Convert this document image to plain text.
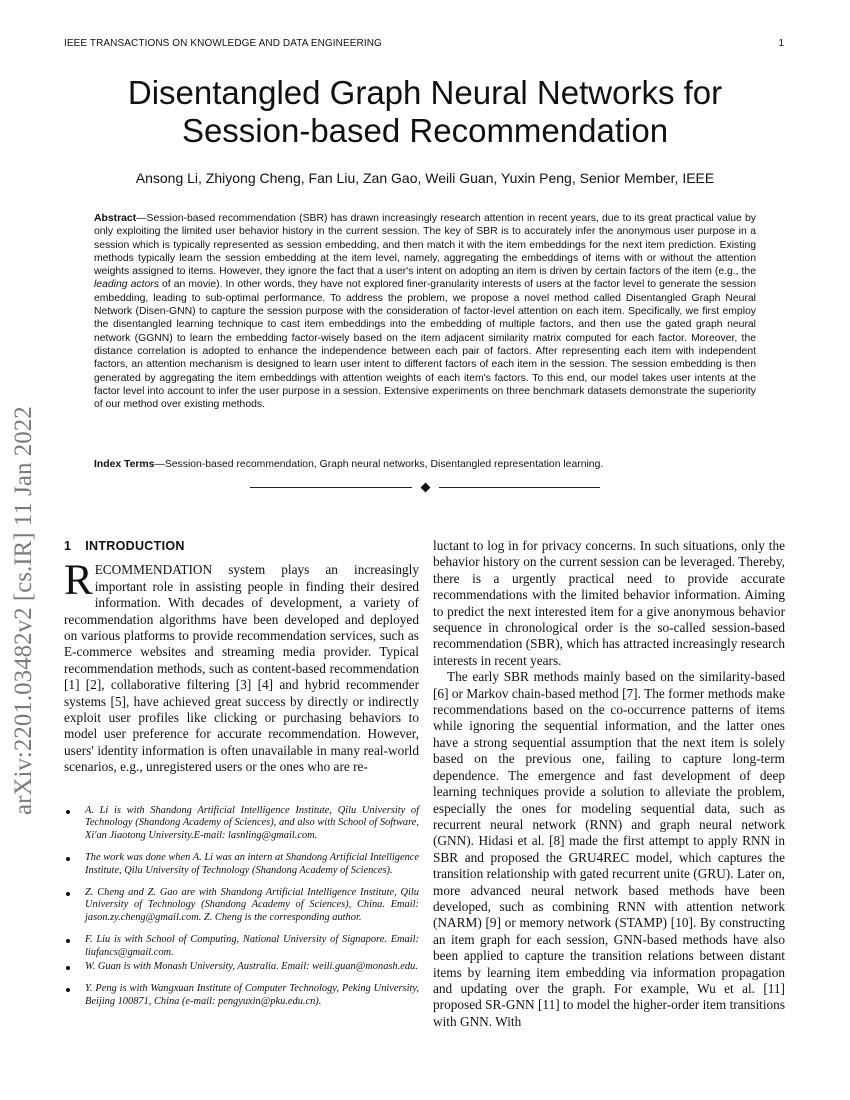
IEEE TRANSACTIONS ON KNOWLEDGE AND DATA ENGINEERING	1
Disentangled Graph Neural Networks for
Session-based Recommendation
Ansong Li, Zhiyong Cheng, Fan Liu, Zan Gao, Weili Guan, Yuxin Peng, Senior Member, IEEE

Abstract—Session-based recommendation (SBR) has drawn increasingly research attention in recent years, due to its great practical value by only exploiting the limited user behavior history in the current session. The key of SBR is to accurately infer the anonymous user purpose in a session which is typically represented as session embedding, and then match it with the item embeddings for the next item prediction. Existing methods typically learn the session embedding at the item level, namely, aggregating the embeddings of items with or without the attention weights assigned to items. However, they ignore the fact that a user's intent on adopting an item is driven by certain factors of the item (e.g., the leading actors of an movie). In other words, they have not explored finer-granularity interests of users at the factor level to generate the session embedding, leading to sub-optimal performance. To address the problem, we propose a novel method called Disentangled Graph Neural Network (Disen-GNN) to capture the session purpose with the consideration of factor-level attention on each item. Specifically, we first employ the disentangled learning technique to cast item embeddings into the embedding of multiple factors, and then use the gated graph neural network (GGNN) to learn the embedding factor-wisely based on the item adjacent similarity matrix computed for each factor. Moreover, the distance correlation is adopted to enhance the independence between each pair of factors. After representing each item with independent factors, an attention mechanism is designed to learn user intent to different factors of each item in the session. The session embedding is then generated by aggregating the item embeddings with attention weights of each item's factors. To this end, our model takes user intents at the factor level into account to infer the user purpose in a session. Extensive experiments on three benchmark datasets demonstrate the superiority of our method over existing methods.

Index Terms—Session-based recommendation, Graph neural networks, Disentangled representation learning.
arXiv:2201.03482v2 [cs.IR] 11 Jan 2022 1 INTRODUCTION

RECOMMENDATION system plays an increasingly important role in assisting people in finding their desired information. With decades of development, a variety of recommendation algorithms have been developed and deployed on various platforms to provide recommendation services, such as E-commerce websites and streaming media provider. Typical recommendation methods, such as content-based recommendation [1] [2], collaborative filtering [3] [4] and hybrid recommender systems [5], have achieved great success by directly or indirectly exploit user profiles like clicking or purchasing behaviors to model user preference for accurate recommendation. However, users' identity information is often unavailable in many real-world scenarios, e.g., unregistered users or the ones who are re-

A. Li is with Shandong Artificial Intelligence Institute, Qilu University of Technology (Shandong Academy of Sciences), and also with School of Software, Xi'an Jiaotong University.E-mail: lasnling@gmail.com.

The work was done when A. Li was an intern at Shandong Artificial Intelligence Institute, Qilu University of Technology (Shandong Academy of Sciences).

Z. Cheng and Z. Gao are with Shandong Artificial Intelligence Institute, Qilu University of Technology (Shandong Academy of Sciences), China. Email: jason.zy.cheng@gmail.com. Z. Cheng is the corresponding author.

F. Liu is with School of Computing, National University of Signapore. Email: liufancs@gmail.com.

W. Guan is with Monash University, Australia. Email: weili.guan@monash.edu.

Y. Peng is with Wangxuan Institute of Computer Technology, Peking University, Beijing 100871, China (e-mail: pengyuxin@pku.edu.cn).

luctant to log in for privacy concerns. In such situations, only the behavior history on the current session can be leveraged. Thereby, there is a urgently practical need to provide accurate recommendations with the limited behavior information. Aiming to predict the next interested item for a give anonymous behavior sequence in chronological order is the so-called session-based recommendation (SBR), which has attracted increasingly research interests in recent years.

The early SBR methods mainly based on the similarity-based [6] or Markov chain-based method [7]. The former methods make recommendations based on the co-occurrence patterns of items while ignoring the sequential information, and the latter ones have a strong sequential assumption that the next item is solely based on the previous one, failing to capture long-term dependence. The emergence and fast development of deep learning techniques provide a solution to alleviate the problem, especially the ones for modeling sequential data, such as recurrent neural network (RNN) and graph neural network (GNN). Hidasi et al. [8] made the first attempt to apply RNN in SBR and proposed the GRU4REC model, which captures the transition relationship with gated recurrent unite (GRU). Later on, more advanced neural network based methods have been developed, such as combining RNN with attention network (NARM) [9] or memory network (STAMP) [10]. By constructing an item graph for each session, GNN-based methods have also been applied to capture the transition relations between distant items by learning item embedding via information propagation and updating over the graph. For example, Wu et al. [11] proposed SR-GNN [11] to model the higher-order item transitions with GNN. With
